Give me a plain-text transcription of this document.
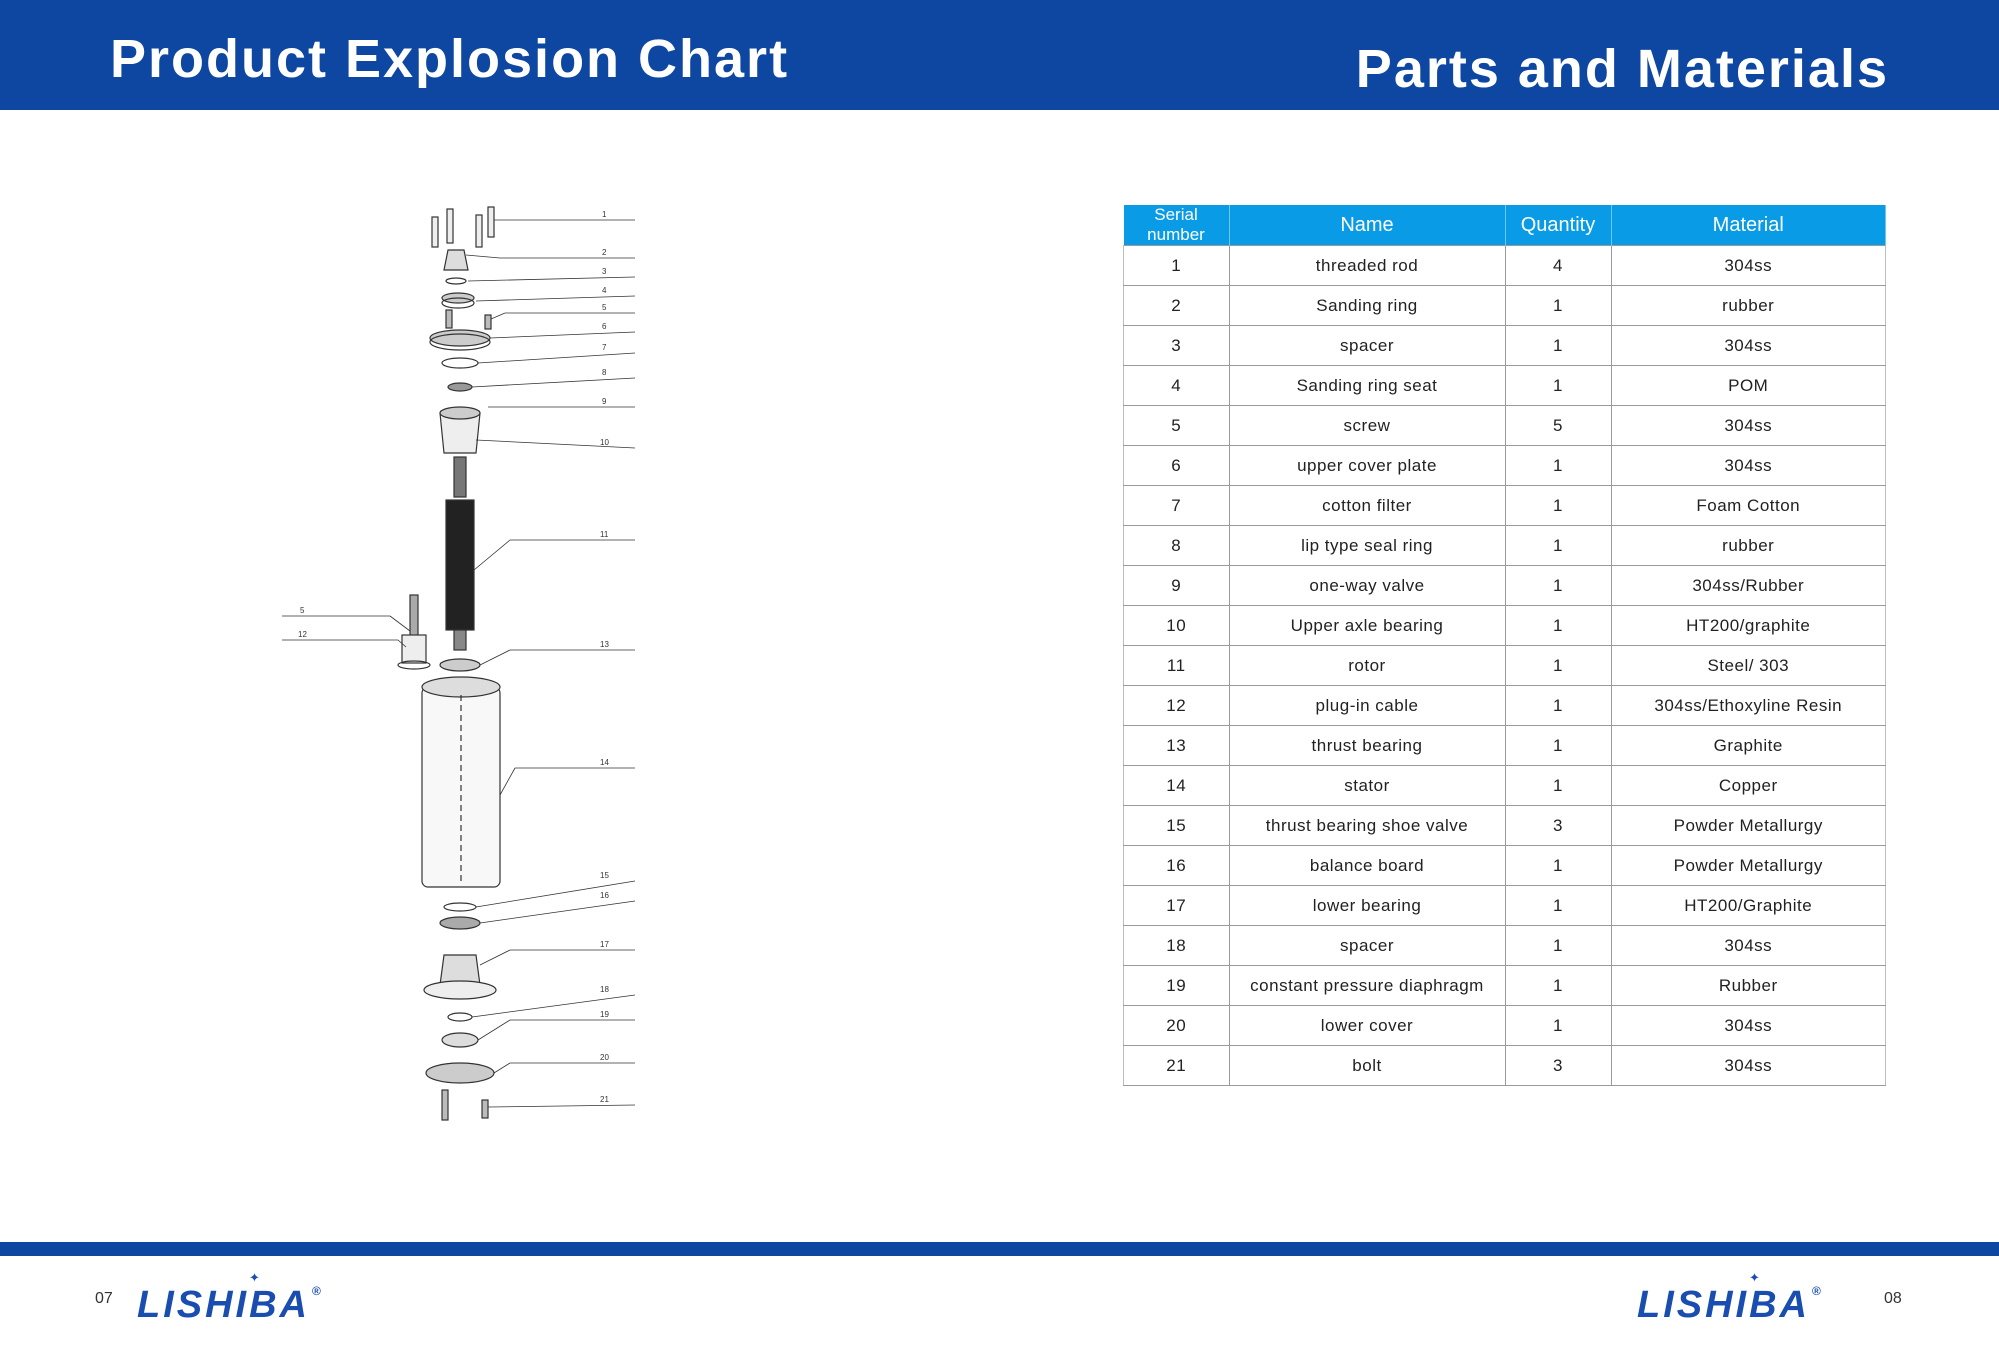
Product Explosion Chart	Parts and Materials
1
2
3
4
5
6
7
8
9
10
11
13
14
15
16
17
18
19
20
21
5
12
Serial number	Name	Quantity	Material
1	threaded rod	4	304ss
2	Sanding ring	1	rubber
3	spacer	1	304ss
4	Sanding ring seat	1	POM
5	screw	5	304ss
6	upper cover plate	1	304ss
7	cotton filter	1	Foam Cotton
8	lip type seal ring	1	rubber
9	one-way valve	1	304ss/Rubber
10	Upper axle bearing	1	HT200/graphite
11	rotor	1	Steel/ 303
12	plug-in cable	1	304ss/Ethoxyline Resin
13	thrust bearing	1	Graphite
14	stator	1	Copper
15	thrust bearing shoe valve	3	Powder Metallurgy
16	balance board	1	Powder Metallurgy
17	lower bearing	1	HT200/Graphite
18	spacer	1	304ss
19	constant pressure diaphragm	1	Rubber
20	lower cover	1	304ss
21	bolt	3	304ss
07
✦
LISHIBA ®
✦
LISHIBA ®	08
